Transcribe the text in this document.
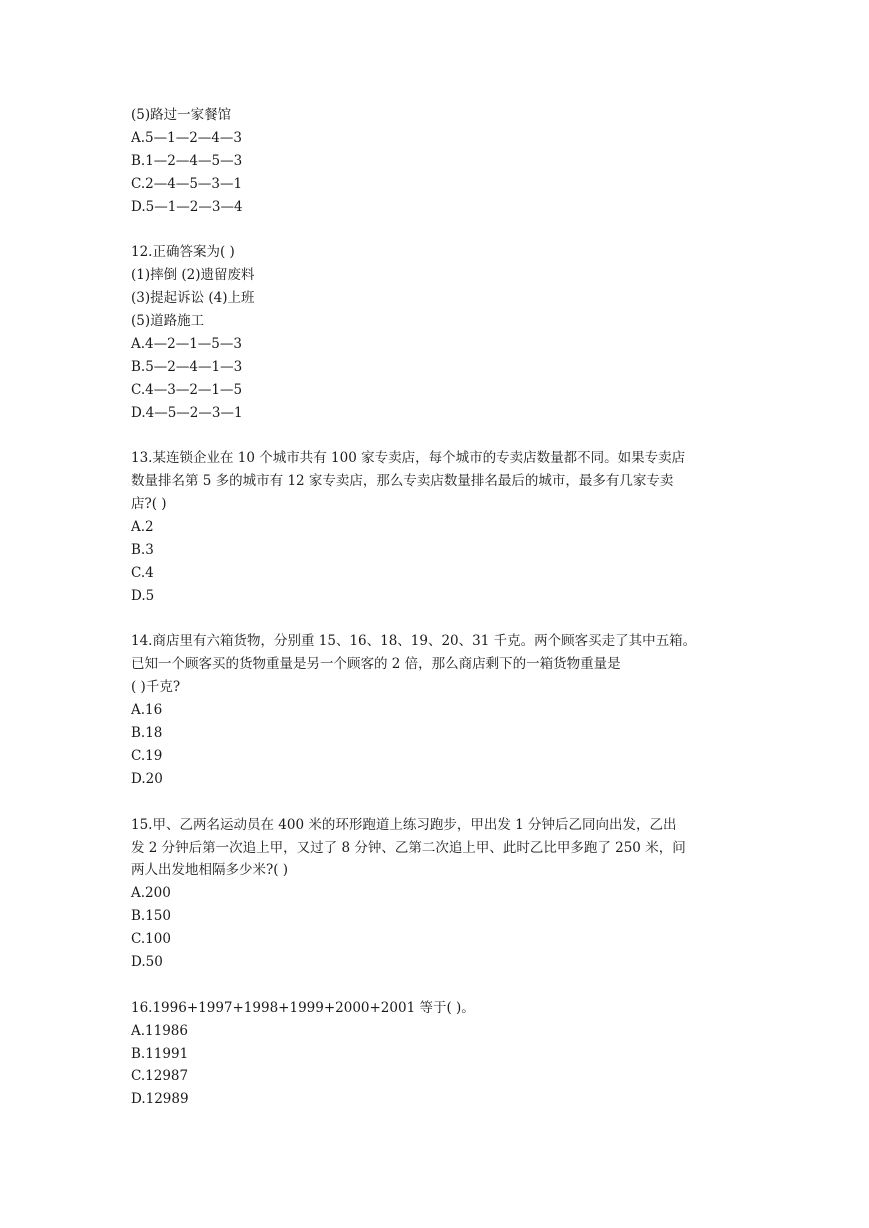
(5)路过一家餐馆
A.5—1—2—4—3
B.1—2—4—5—3
C.2—4—5—3—1
D.5—1—2—3—4
12.正确答案为( )
(1)摔倒 (2)遗留废料
(3)提起诉讼 (4)上班
(5)道路施工
A.4—2—1—5—3
B.5—2—4—1—3
C.4—3—2—1—5
D.4—5—2—3—1
13.某连锁企业在 10 个城市共有 100 家专卖店，每个城市的专卖店数量都不同。如果专卖店
数量排名第 5 多的城市有 12 家专卖店，那么专卖店数量排名最后的城市，最多有几家专卖
店?( )
A.2
B.3
C.4
D.5
14.商店里有六箱货物，分别重 15、16、18、19、20、31 千克。两个顾客买走了其中五箱。
已知一个顾客买的货物重量是另一个顾客的 2 倍，那么商店剩下的一箱货物重量是
( )千克?
A.16
B.18
C.19
D.20
15.甲、乙两名运动员在 400 米的环形跑道上练习跑步，甲出发 1 分钟后乙同向出发，乙出
发 2 分钟后第一次追上甲，又过了 8 分钟、乙第二次追上甲、此时乙比甲多跑了 250 米，问
两人出发地相隔多少米?( )
A.200
B.150
C.100
D.50
16.1996+1997+1998+1999+2000+2001 等于( )。
A.11986
B.11991
C.12987
D.12989
